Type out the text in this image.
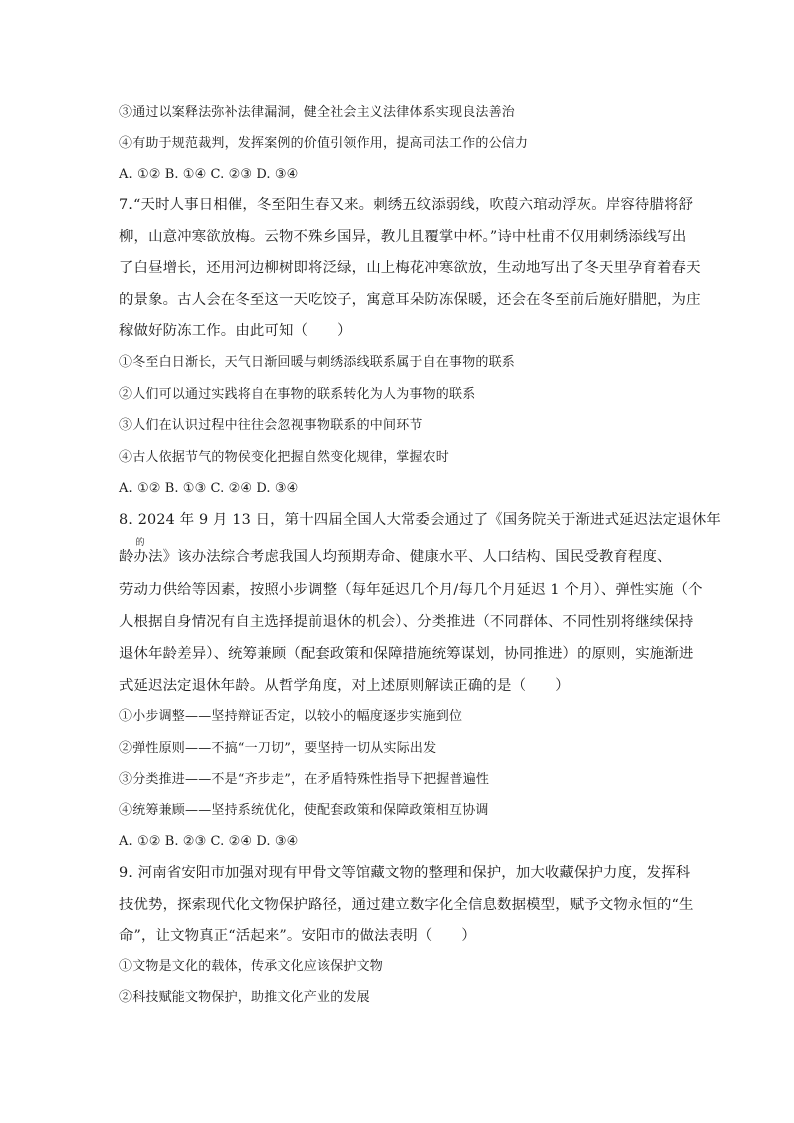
③通过以案释法弥补法律漏洞，健全社会主义法律体系实现良法善治
④有助于规范裁判，发挥案例的价值引领作用，提高司法工作的公信力
A. ①② B. ①④ C. ②③ D. ③④
7.“天时人事日相催，冬至阳生春又来。刺绣五纹添弱线，吹葭六琯动浮灰。岸容待腊将舒
柳，山意冲寒欲放梅。云物不殊乡国异，教儿且覆掌中杯。”诗中杜甫不仅用刺绣添线写出
了白昼增长，还用河边柳树即将泛绿，山上梅花冲寒欲放，生动地写出了冬天里孕育着春天
的景象。古人会在冬至这一天吃饺子，寓意耳朵防冻保暖，还会在冬至前后施好腊肥，为庄
稼做好防冻工作。由此可知（　　）
①冬至白日渐长，天气日渐回暖与刺绣添线联系属于自在事物的联系
②人们可以通过实践将自在事物的联系转化为人为事物的联系
③人们在认识过程中往往会忽视事物联系的中间环节
④古人依据节气的物侯变化把握自然变化规律，掌握农时
A. ①② B. ①③ C. ②④ D. ③④
8. 2024 年 9 月 13 日，第十四届全国人大常委会通过了《国务院关于渐进式延迟法定退休年
龄
的
办法》该办法综合考虑我国人均预期寿命、健康水平、人口结构、国民受教育程度、
劳动力供给等因素，按照小步调整（每年延迟几个月/每几个月延迟 1 个月）、弹性实施（个
人根据自身情况有自主选择提前退休的机会）、分类推进（不同群体、不同性别将继续保持
退休年龄差异）、统筹兼顾（配套政策和保障措施统筹谋划，协同推进）的原则，实施渐进
式延迟法定退休年龄。从哲学角度，对上述原则解读正确的是（　　）
①小步调整——坚持辩证否定，以较小的幅度逐步实施到位
②弹性原则——不搞“一刀切”，要坚持一切从实际出发
③分类推进——不是“齐步走”，在矛盾特殊性指导下把握普遍性
④统筹兼顾——坚持系统优化，使配套政策和保障政策相互协调
A. ①② B. ②③ C. ②④ D. ③④
9. 河南省安阳市加强对现有甲骨文等馆藏文物的整理和保护，加大收藏保护力度，发挥科
技优势，探索现代化文物保护路径，通过建立数字化全信息数据模型，赋予文物永恒的“生
命”，让文物真正“活起来”。安阳市的做法表明（　　）
①文物是文化的载体，传承文化应该保护文物
②科技赋能文物保护，助推文化产业的发展
